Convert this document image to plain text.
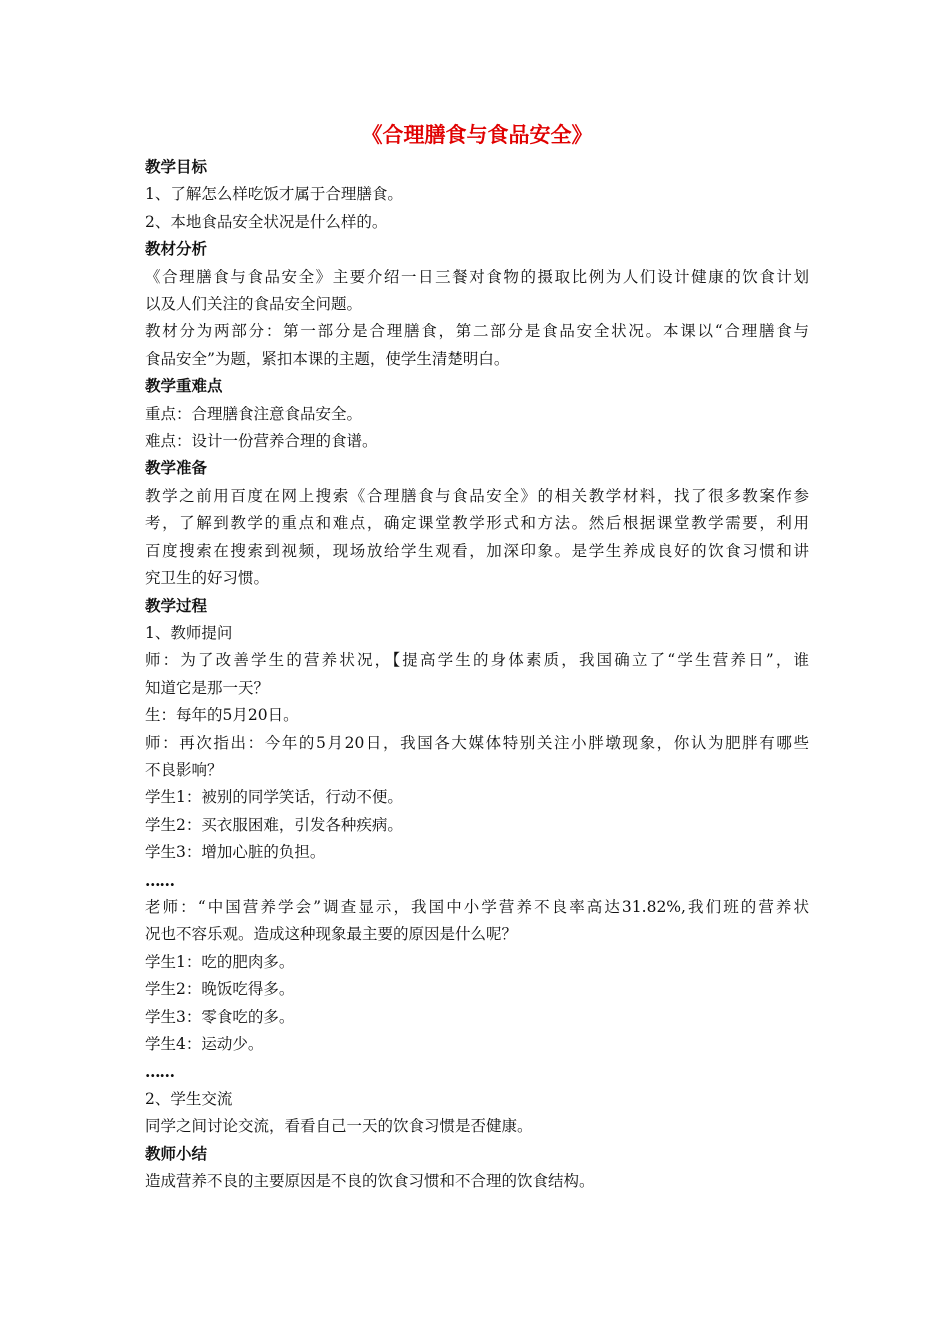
《合理膳食与食品安全》
教学目标
1、了解怎么样吃饭才属于合理膳食。
2、本地食品安全状况是什么样的。
教材分析
《合理膳食与食品安全》主要介绍一日三餐对食物的摄取比例为人们设计健康的饮食计划
以及人们关注的食品安全问题。
教材分为两部分：第一部分是合理膳食，第二部分是食品安全状况。本课以“合理膳食与
食品安全”为题，紧扣本课的主题，使学生清楚明白。
教学重难点
重点：合理膳食注意食品安全。
难点：设计一份营养合理的食谱。
教学准备
教学之前用百度在网上搜索《合理膳食与食品安全》的相关教学材料，找了很多教案作参
考，了解到教学的重点和难点，确定课堂教学形式和方法。然后根据课堂教学需要，利用
百度搜索在搜索到视频，现场放给学生观看，加深印象。是学生养成良好的饮食习惯和讲
究卫生的好习惯。
教学过程
1、教师提问
师：为了改善学生的营养状况，【提高学生的身体素质，我国确立了“学生营养日”，谁
知道它是那一天？
生：每年的5月20日。
师：再次指出：今年的5月20日，我国各大媒体特别关注小胖墩现象，你认为肥胖有哪些
不良影响？
学生1：被别的同学笑话，行动不便。
学生2：买衣服困难，引发各种疾病。
学生3：增加心脏的负担。
……
老师：“中国营养学会”调查显示，我国中小学营养不良率高达31.82%,我们班的营养状
况也不容乐观。造成这种现象最主要的原因是什么呢？
学生1：吃的肥肉多。
学生2：晚饭吃得多。
学生3：零食吃的多。
学生4：运动少。
……
2、学生交流
同学之间讨论交流，看看自己一天的饮食习惯是否健康。
教师小结
造成营养不良的主要原因是不良的饮食习惯和不合理的饮食结构。
